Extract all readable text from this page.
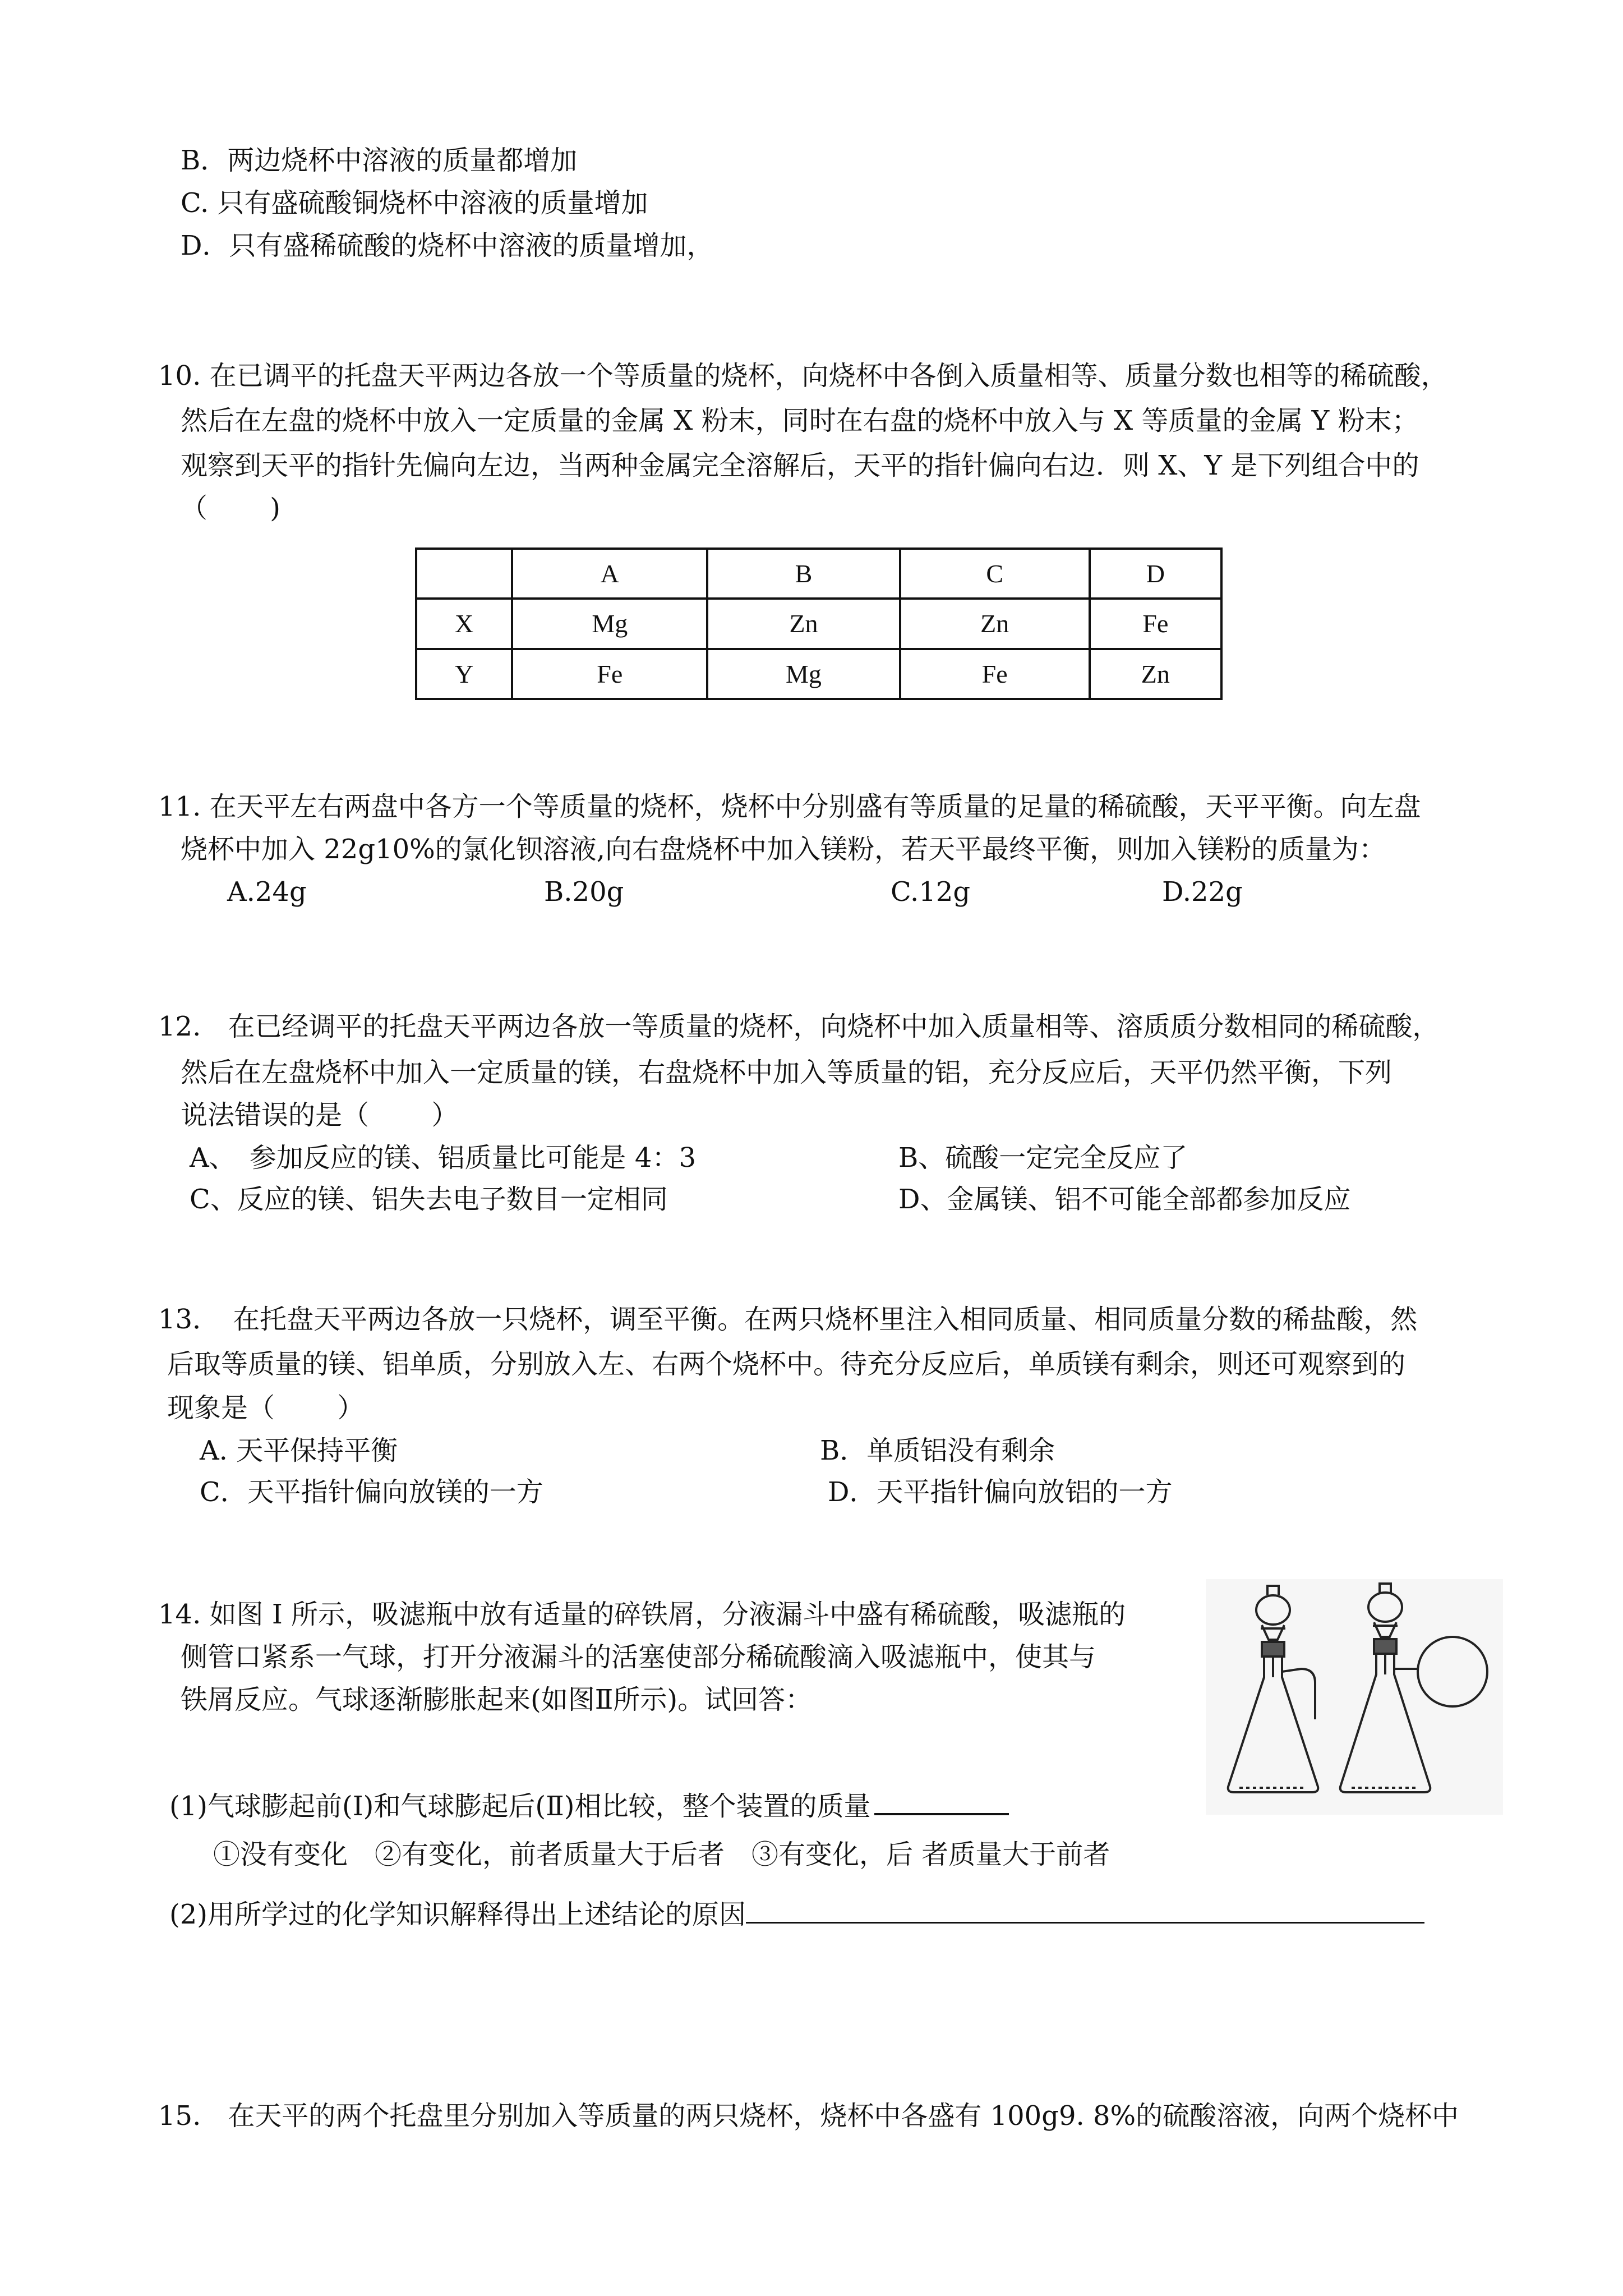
B．两边烧杯中溶液的质量都增加
C. 只有盛硫酸铜烧杯中溶液的质量增加
D．只有盛稀硫酸的烧杯中溶液的质量增加，
10. 在已调平的托盘天平两边各放一个等质量的烧杯，向烧杯中各倒入质量相等、质量分数也相等的稀硫酸，
然后在左盘的烧杯中放入一定质量的金属 X 粉末，同时在右盘的烧杯中放入与 X 等质量的金属 Y 粉末；
观察到天平的指针先偏向左边，当两种金属完全溶解后，天平的指针偏向右边．则 X、Y 是下列组合中的
（　　 )
	A	B	C	D
X	Mg	Zn	Zn	Fe
Y	Fe	Mg	Fe	Zn
11. 在天平左右两盘中各方一个等质量的烧杯，烧杯中分别盛有等质量的足量的稀硫酸，天平平衡。向左盘
烧杯中加入 22g10%的氯化钡溶液,向右盘烧杯中加入镁粉，若天平最终平衡，则加入镁粉的质量为：
A.24g	B.20g	C.12g	D.22g
12.　在已经调平的托盘天平两边各放一等质量的烧杯，向烧杯中加入质量相等、溶质质分数相同的稀硫酸，
然后在左盘烧杯中加入一定质量的镁，右盘烧杯中加入等质量的铝，充分反应后，天平仍然平衡，下列
说法错误的是（　　 ）
A、　参加反应的镁、铝质量比可能是 4：3	B、硫酸一定完全反应了
C、反应的镁、铝失去电子数目一定相同	D、金属镁、铝不可能全部都参加反应
13．　在托盘天平两边各放一只烧杯，调至平衡。在两只烧杯里注入相同质量、相同质量分数的稀盐酸，然
后取等质量的镁、铝单质，分别放入左、右两个烧杯中。待充分反应后，单质镁有剩余，则还可观察到的
现象是（　　 ）
A. 天平保持平衡	B．单质铝没有剩余
C．天平指针偏向放镁的一方	D．天平指针偏向放铝的一方
14. 如图 I 所示，吸滤瓶中放有适量的碎铁屑，分液漏斗中盛有稀硫酸，吸滤瓶的
侧管口紧系一气球，打开分液漏斗的活塞使部分稀硫酸滴入吸滤瓶中，使其与
铁屑反应。气球逐渐膨胀起来(如图Ⅱ所示)。试回答：
(1)气球膨起前(Ⅰ)和气球膨起后(Ⅱ)相比较，整个装置的质量
①没有变化　②有变化，前者质量大于后者　③有变化，后 者质量大于前者
(2)用所学过的化学知识解释得出上述结论的原因
15.　在天平的两个托盘里分别加入等质量的两只烧杯，烧杯中各盛有 100g9. 8%的硫酸溶液，向两个烧杯中
